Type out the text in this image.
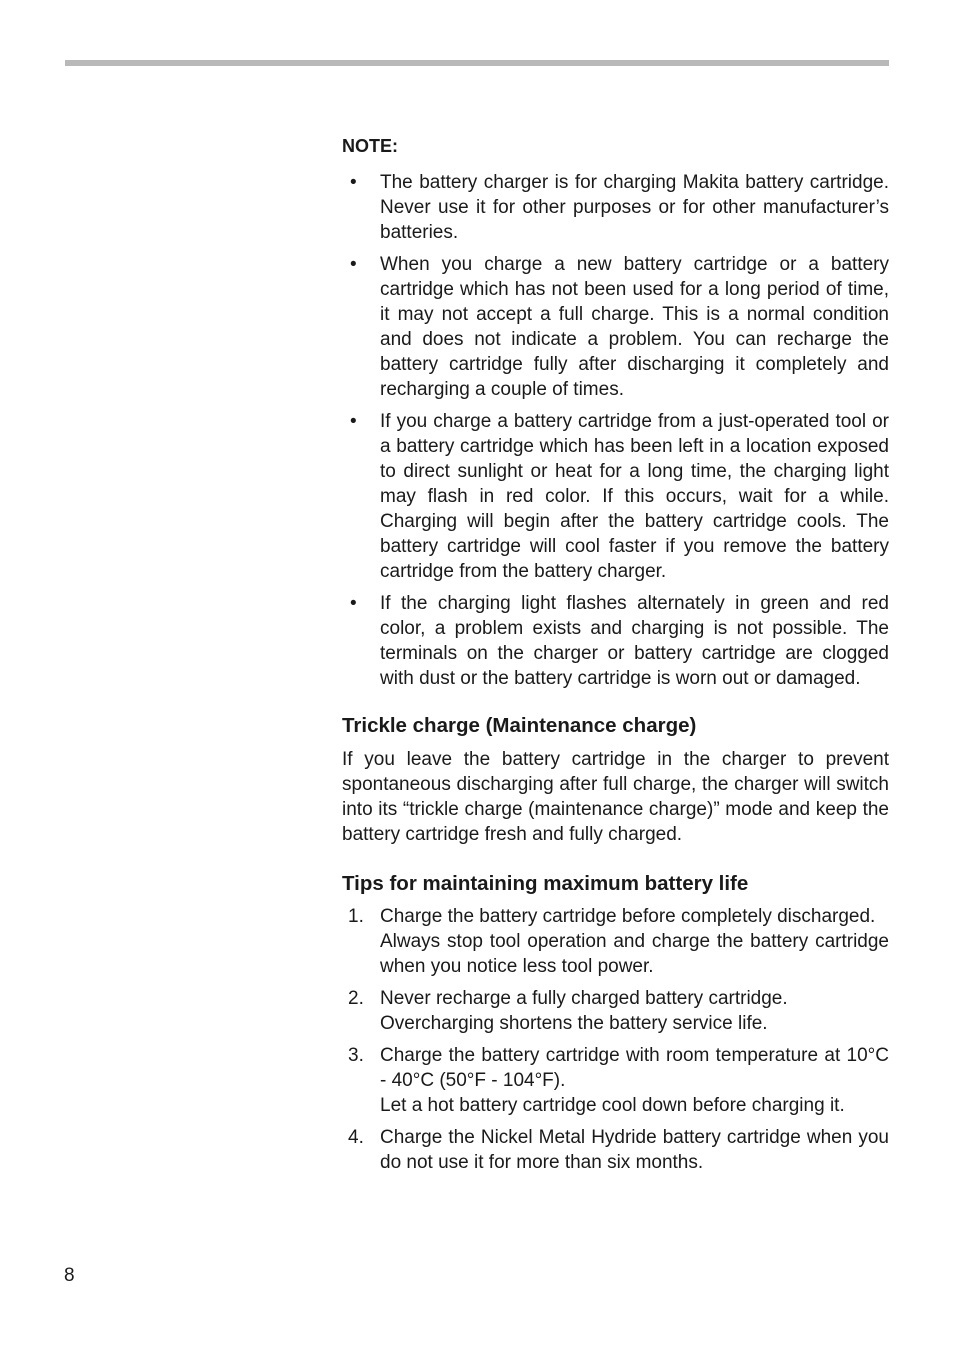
NOTE:
•	The battery charger is for charging Makita battery cartridge. Never use it for other purposes or for other manufacturer’s batteries.
•	When you charge a new battery cartridge or a battery cartridge which has not been used for a long period of time, it may not accept a full charge. This is a normal condition and does not indicate a problem. You can recharge the battery cartridge fully after discharging it completely and recharging a couple of times.
•	If you charge a battery cartridge from a just-operated tool or a battery cartridge which has been left in a location exposed to direct sunlight or heat for a long time, the charging light may flash in red color. If this occurs, wait for a while. Charging will begin after the battery cartridge cools. The battery cartridge will cool faster if you remove the battery cartridge from the battery charger.
•	If the charging light flashes alternately in green and red color, a problem exists and charging is not possible. The terminals on the charger or battery cartridge are clogged with dust or the battery cartridge is worn out or damaged.
Trickle charge (Maintenance charge)
If you leave the battery cartridge in the charger to prevent spontaneous discharging after full charge, the charger will switch into its “trickle charge (maintenance charge)” mode and keep the battery cartridge fresh and fully charged.
Tips for maintaining maximum battery life
1. Charge the battery cartridge before completely discharged.
Always stop tool operation and charge the battery cartridge when you notice less tool power.
2. Never recharge a fully charged battery cartridge.
Overcharging shortens the battery service life.
3. Charge the battery cartridge with room temperature at 10°C - 40°C (50°F - 104°F).
Let a hot battery cartridge cool down before charging it.
4. Charge the Nickel Metal Hydride battery cartridge when you do not use it for more than six months.
8
